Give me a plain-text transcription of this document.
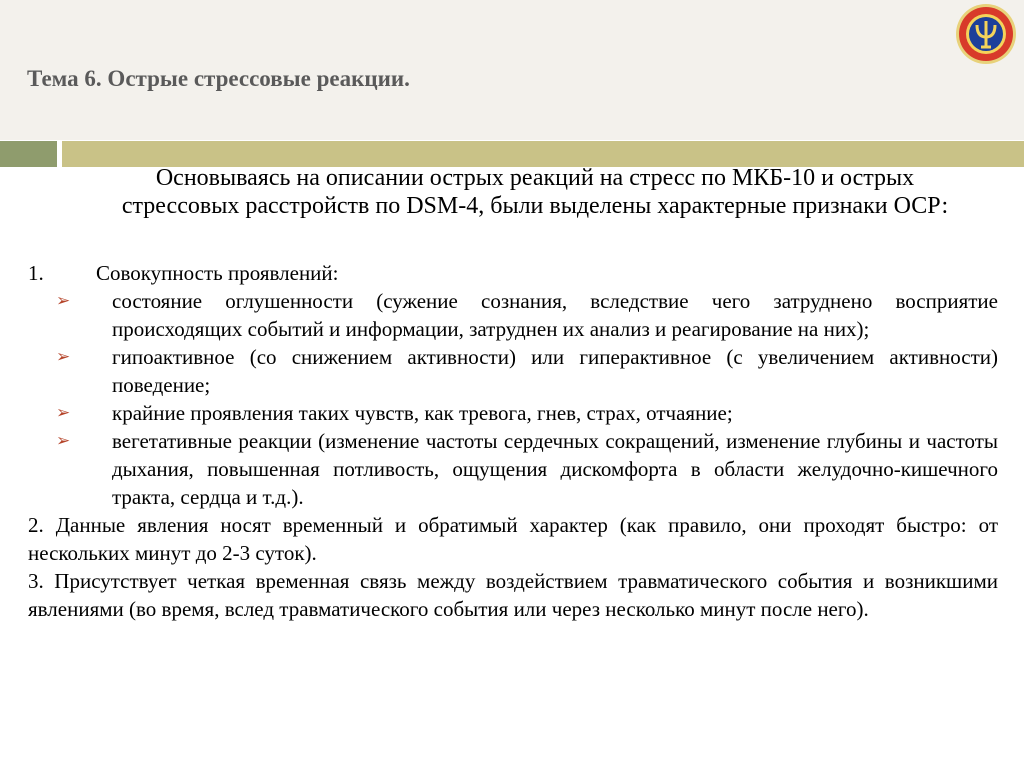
Тема 6. Острые стрессовые реакции.
Основываясь на описании острых реакций на стресс по МКБ-10 и острых стрессовых расстройств по DSM-4, были выделены характерные признаки ОСР:
1.	Совокупность проявлений:
➢	состояние оглушенности (сужение сознания, вследствие чего затруднено восприятие происходящих событий и информации, затруднен их анализ и реагирование на них);
➢	гипоактивное (со снижением активности) или гиперактивное (с увеличением активности) поведение;
➢	крайние проявления таких чувств, как тревога, гнев, страх, отчаяние;
➢	вегетативные реакции (изменение частоты сердечных сокращений, изменение глубины и частоты дыхания, повышенная потливость, ощущения дискомфорта в области желудочно-кишечного тракта, сердца и т.д.).
2. Данные явления носят временный и обратимый характер (как правило, они проходят быстро: от нескольких минут до 2-3 суток).
3. Присутствует четкая временная связь между воздействием травматического события и возникшими явлениями (во время, вслед травматического события или через несколько минут после него).
